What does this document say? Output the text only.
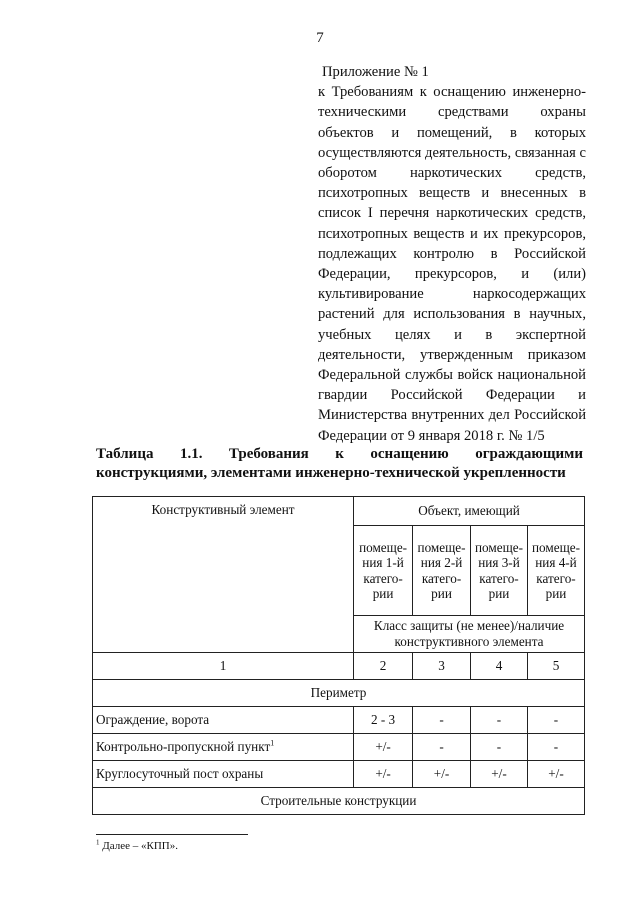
7
Приложение № 1
к Требованиям к оснащению инженерно-техническими средствами охраны объектов и помещений, в которых осуществляются деятельность, связанная с оборотом наркотических средств, психотропных веществ и внесенных в список I перечня наркотических средств, психотропных веществ и их прекурсоров, подлежащих контролю в Российской Федерации, прекурсоров, и (или) культивирование наркосодержащих растений для использования в научных, учебных целях и в экспертной деятельности, утвержденным приказом Федеральной службы войск национальной гвардии Российской Федерации и Министерства внутренних дел Российской Федерации от 9 января 2018 г. № 1/5
Таблица 1.1. Требования к оснащению ограждающими конструкциями, элементами инженерно-технической укрепленности
Конструктивный элемент	Объект, имеющий			
	помеще-ния 1-й катего-рии	помеще-ния 2-й катего-рии	помеще-ния 3-й катего-рии	помеще-ния 4-й катего-рии
	Класс защиты (не менее)/наличие конструктивного элемента			
1	2	3	4	5
Периметр				
Ограждение, ворота	2 - 3	-	-	-
Контрольно-пропускной пункт$^1$	+/-	-	-	-
Круглосуточный пост охраны	+/-	+/-	+/-	+/-
Строительные конструкции				
$^1$ Далее – «КПП».
